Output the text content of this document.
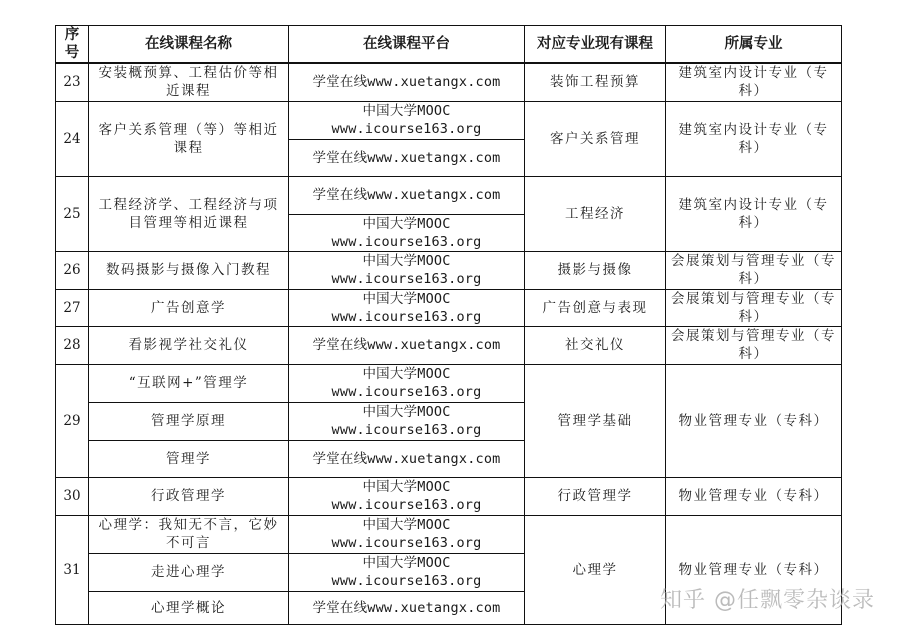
序号	在线课程名称	在线课程平台	对应专业现有课程	所属专业
23	安装概预算、工程估价等相近课程	学堂在线www.xuetangx.com	装饰工程预算	建筑室内设计专业（专科）
24	客户关系管理（等）等相近课程	中国大学MOOC www.icourse163.org	客户关系管理	建筑室内设计专业（专科）
		学堂在线www.xuetangx.com		
25	工程经济学、工程经济与项目管理等相近课程	学堂在线www.xuetangx.com	工程经济	建筑室内设计专业（专科）
		中国大学MOOC www.icourse163.org		
26	数码摄影与摄像入门教程	中国大学MOOC www.icourse163.org	摄影与摄像	会展策划与管理专业（专科）
27	广告创意学	中国大学MOOC www.icourse163.org	广告创意与表现	会展策划与管理专业（专科）
28	看影视学社交礼仪	学堂在线www.xuetangx.com	社交礼仪	会展策划与管理专业（专科）
29	“互联网+”管理学	中国大学MOOC www.icourse163.org	管理学基础	物业管理专业（专科）
	管理学原理	中国大学MOOC www.icourse163.org		
	管理学	学堂在线www.xuetangx.com		
30	行政管理学	中国大学MOOC www.icourse163.org	行政管理学	物业管理专业（专科）
31	心理学：我知无不言，它妙不可言	中国大学MOOC www.icourse163.org	心理学	物业管理专业（专科）
	走进心理学	中国大学MOOC www.icourse163.org		
	心理学概论	学堂在线www.xuetangx.com			知乎 @任飘零杂谈录
